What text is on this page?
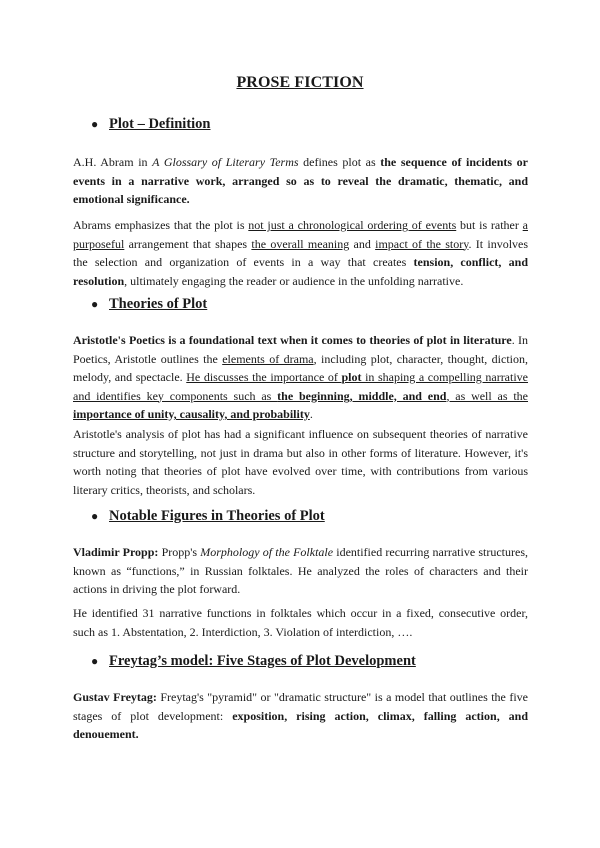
PROSE FICTION
● Plot – Definition

A.H. Abram in A Glossary of Literary Terms defines plot as the sequence of incidents or events in a narrative work, arranged so as to reveal the dramatic, thematic, and emotional significance.

Abrams emphasizes that the plot is not just a chronological ordering of events but is rather a purposeful arrangement that shapes the overall meaning and impact of the story. It involves the selection and organization of events in a way that creates tension, conflict, and resolution, ultimately engaging the reader or audience in the unfolding narrative.

● Theories of Plot

Aristotle's Poetics is a foundational text when it comes to theories of plot in literature. In Poetics, Aristotle outlines the elements of drama, including plot, character, thought, diction, melody, and spectacle. He discusses the importance of plot in shaping a compelling narrative and identifies key components such as the beginning, middle, and end, as well as the importance of unity, causality, and probability.

Aristotle's analysis of plot has had a significant influence on subsequent theories of narrative structure and storytelling, not just in drama but also in other forms of literature. However, it's worth noting that theories of plot have evolved over time, with contributions from various literary critics, theorists, and scholars.

● Notable Figures in Theories of Plot

Vladimir Propp: Propp's Morphology of the Folktale identified recurring narrative structures, known as “functions,” in Russian folktales. He analyzed the roles of characters and their actions in driving the plot forward.

He identified 31 narrative functions in folktales which occur in a fixed, consecutive order, such as 1. Abstentation, 2. Interdiction, 3. Violation of interdiction, ….

● Freytag’s model: Five Stages of Plot Development

Gustav Freytag: Freytag's "pyramid" or "dramatic structure" is a model that outlines the five stages of plot development: exposition, rising action, climax, falling action, and denouement.
